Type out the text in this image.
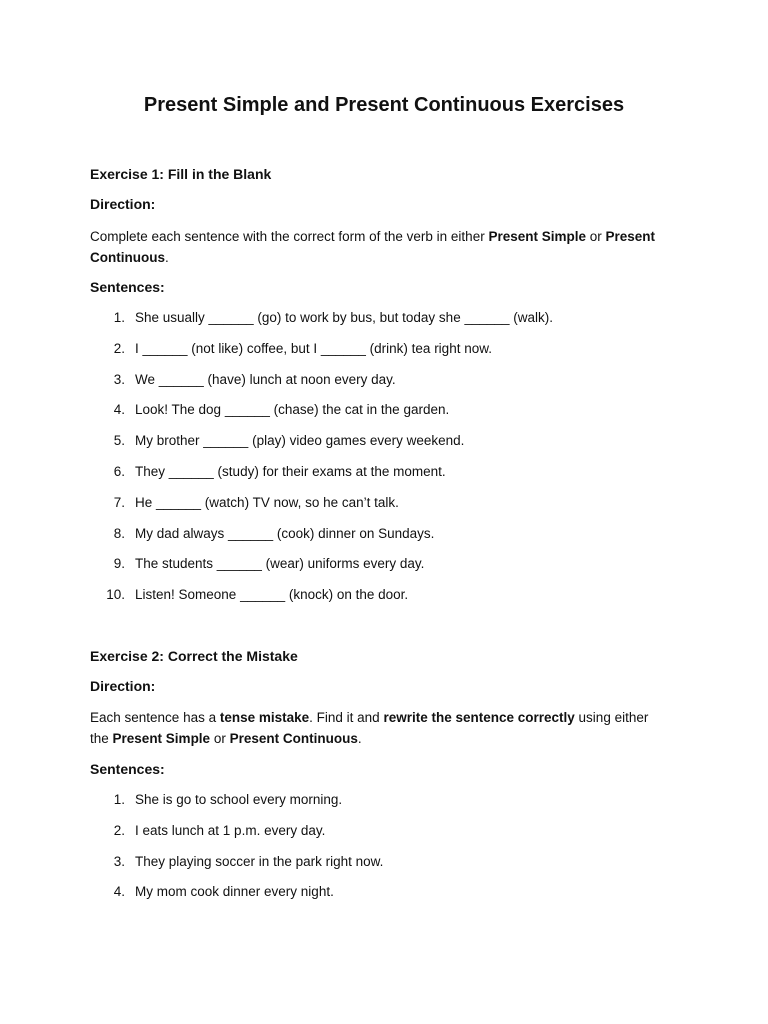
Present Simple and Present Continuous Exercises

Exercise 1: Fill in the Blank

Direction:

Complete each sentence with the correct form of the verb in either Present Simple or Present Continuous.

Sentences:

1. She usually ______ (go) to work by bus, but today she ______ (walk).
2. I ______ (not like) coffee, but I ______ (drink) tea right now.
3. We ______ (have) lunch at noon every day.
4. Look! The dog ______ (chase) the cat in the garden.
5. My brother ______ (play) video games every weekend.
6. They ______ (study) for their exams at the moment.
7. He ______ (watch) TV now, so he can’t talk.
8. My dad always ______ (cook) dinner on Sundays.
9. The students ______ (wear) uniforms every day.
10. Listen! Someone ______ (knock) on the door.

Exercise 2: Correct the Mistake

Direction:

Each sentence has a tense mistake. Find it and rewrite the sentence correctly using either the Present Simple or Present Continuous.

Sentences:

1. She is go to school every morning.
2. I eats lunch at 1 p.m. every day.
3. They playing soccer in the park right now.
4. My mom cook dinner every night.
